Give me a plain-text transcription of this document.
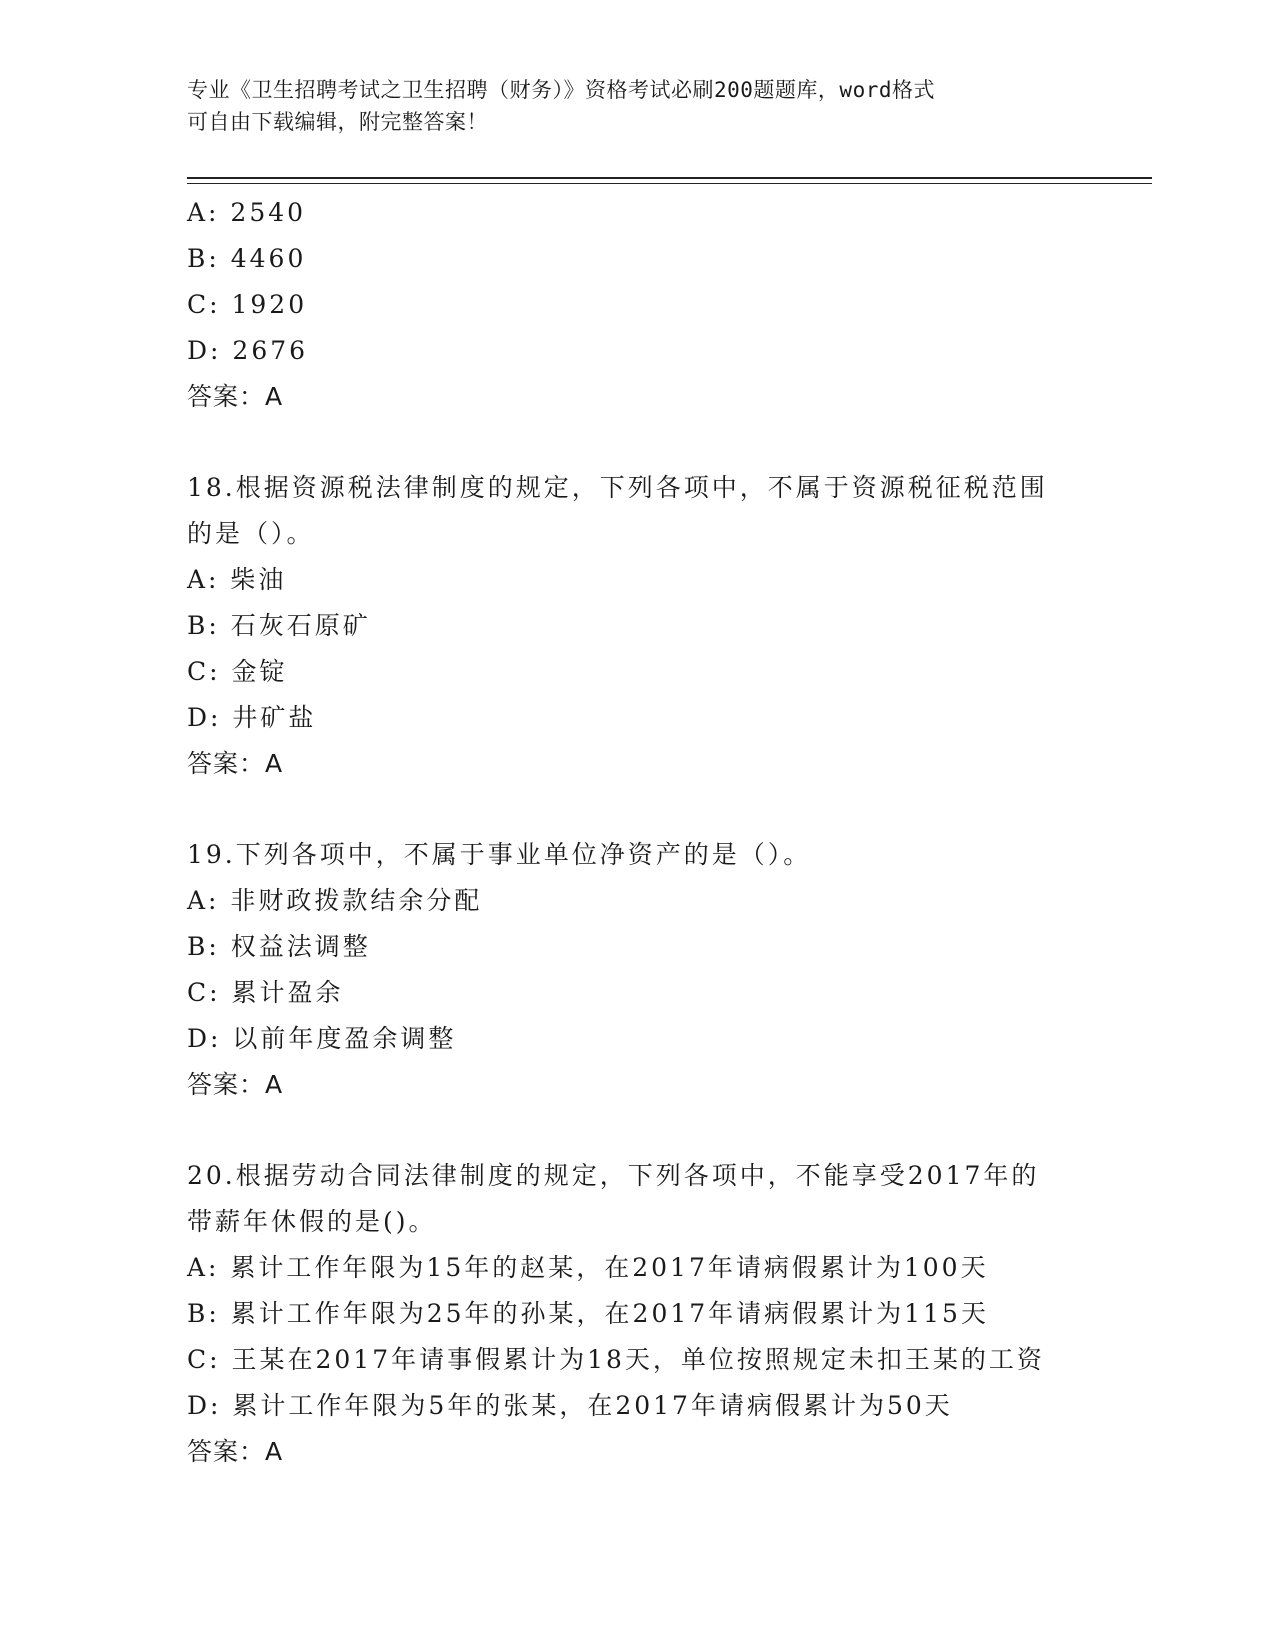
专业《卫生招聘考试之卫生招聘（财务）》资格考试必刷200题题库，word格式
可自由下载编辑，附完整答案！
A: 2540
B: 4460
C: 1920
D: 2676
答案：A
18.根据资源税法律制度的规定，下列各项中，不属于资源税征税范围
的是（）。
A: 柴油
B: 石灰石原矿
C: 金锭
D: 井矿盐
答案：A
19.下列各项中，不属于事业单位净资产的是（）。
A: 非财政拨款结余分配
B: 权益法调整
C: 累计盈余
D: 以前年度盈余调整
答案：A
20.根据劳动合同法律制度的规定，下列各项中，不能享受2017年的
带薪年休假的是()。
A: 累计工作年限为15年的赵某，在2017年请病假累计为100天
B: 累计工作年限为25年的孙某，在2017年请病假累计为115天
C: 王某在2017年请事假累计为18天，单位按照规定未扣王某的工资
D: 累计工作年限为5年的张某，在2017年请病假累计为50天
答案：A
